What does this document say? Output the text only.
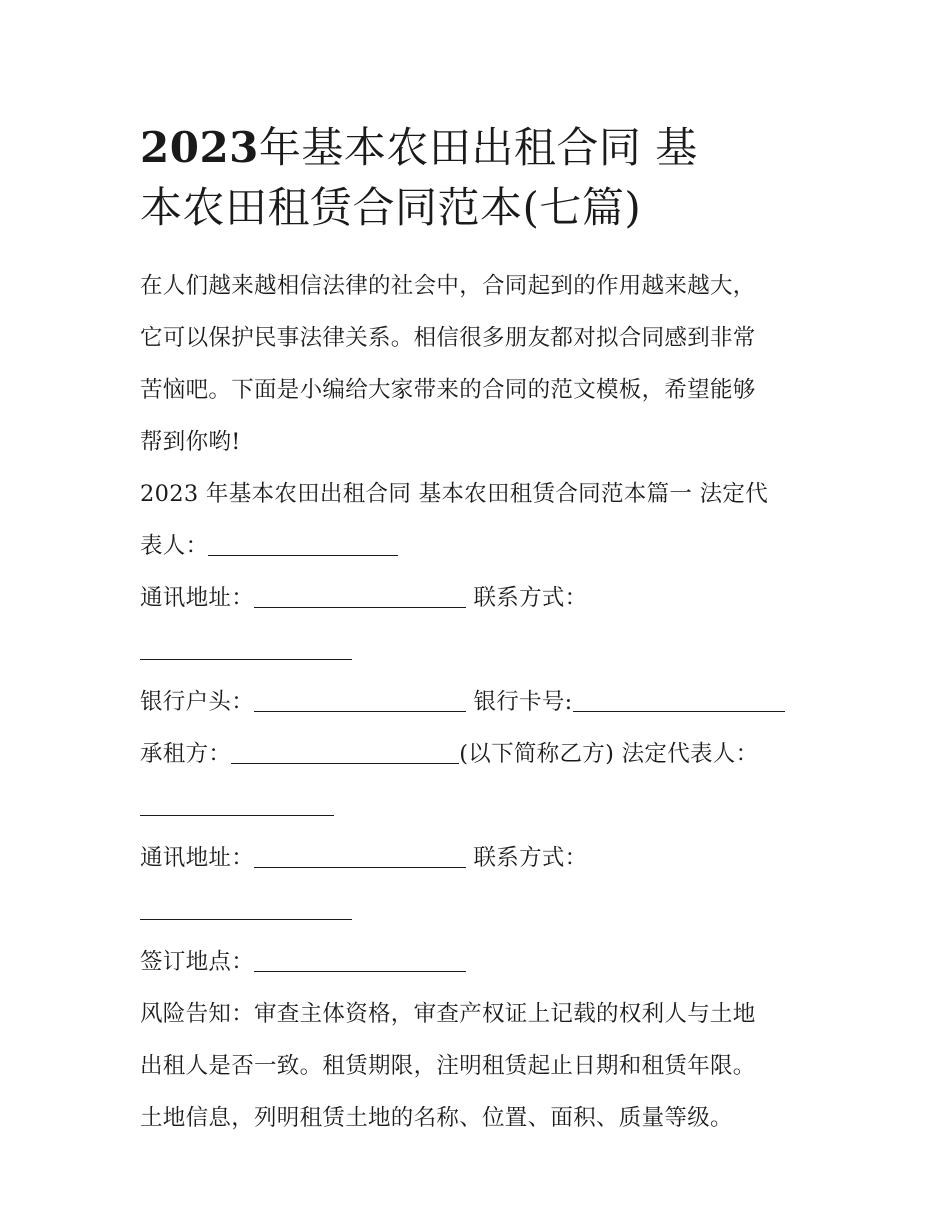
2023年基本农田出租合同 基
本农田租赁合同范本(七篇)
在人们越来越相信法律的社会中，合同起到的作用越来越大，
它可以保护民事法律关系。相信很多朋友都对拟合同感到非常
苦恼吧。下面是小编给大家带来的合同的范文模板，希望能够
帮到你哟!
2023 年基本农田出租合同 基本农田租赁合同范本篇一 法定代
表人：
通讯地址：	联系方式：
银行户头：	银行卡号:
承租方：	(以下简称乙方) 法定代表人：
通讯地址：	联系方式：
签订地点：
风险告知：审查主体资格，审查产权证上记载的权利人与土地
出租人是否一致。租赁期限，注明租赁起止日期和租赁年限。
土地信息，列明租赁土地的名称、位置、面积、质量等级。
